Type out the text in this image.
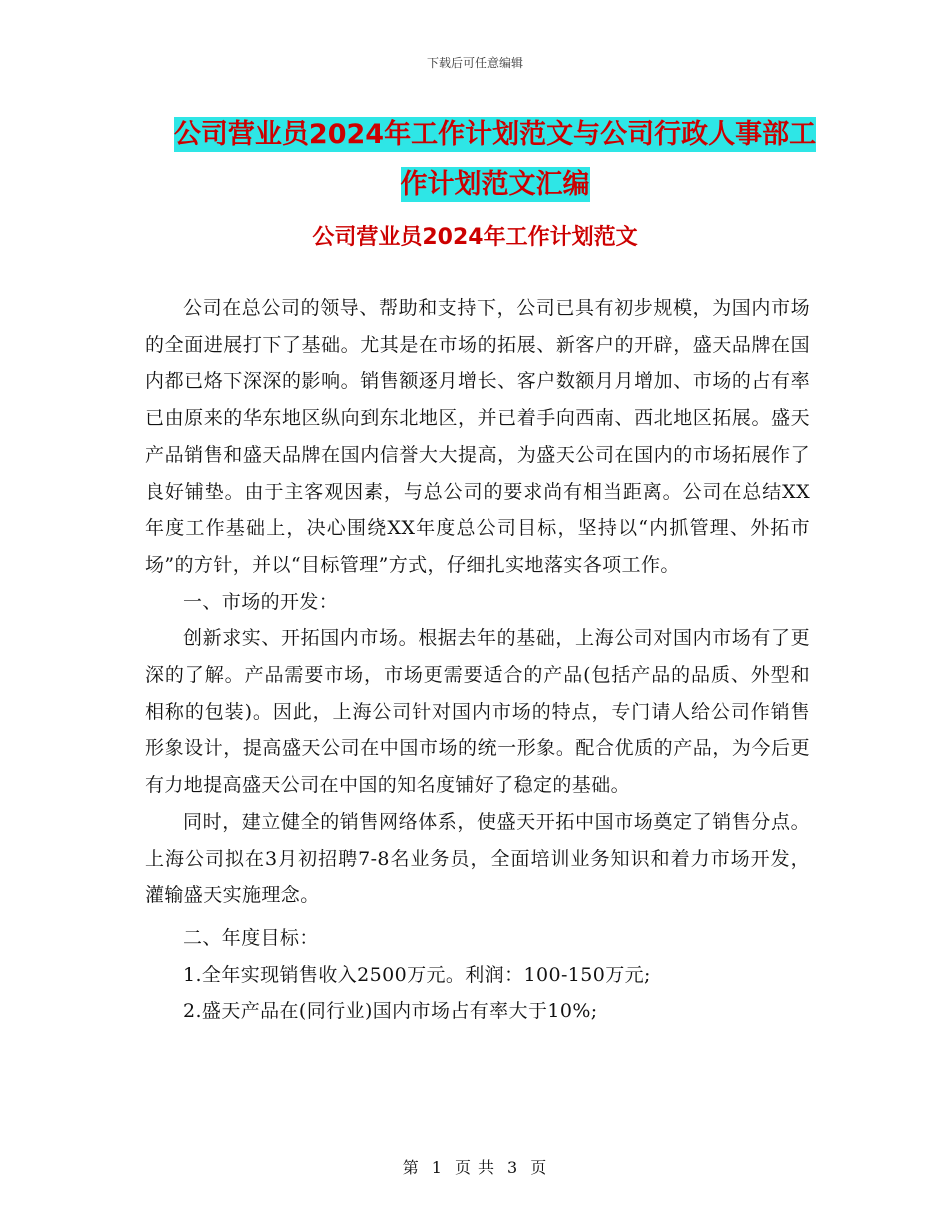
下载后可任意编辑
公司营业员2024年工作计划范文与公司行政人事部工
作计划范文汇编
公司营业员2024年工作计划范文

公司在总公司的领导、帮助和支持下，公司已具有初步规模，为国内市场的全面进展打下了基础。尤其是在市场的拓展、新客户的开辟，盛天品牌在国内都已烙下深深的影响。销售额逐月增长、客户数额月月增加、市场的占有率已由原来的华东地区纵向到东北地区，并已着手向西南、西北地区拓展。盛天产品销售和盛天品牌在国内信誉大大提高，为盛天公司在国内的市场拓展作了良好铺垫。由于主客观因素，与总公司的要求尚有相当距离。公司在总结XX年度工作基础上，决心围绕XX年度总公司目标，坚持以“内抓管理、外拓市场”的方针，并以“目标管理”方式，仔细扎实地落实各项工作。

一、市场的开发：

创新求实、开拓国内市场。根据去年的基础，上海公司对国内市场有了更深的了解。产品需要市场，市场更需要适合的产品(包括产品的品质、外型和相称的包装)。因此，上海公司针对国内市场的特点，专门请人给公司作销售形象设计，提高盛天公司在中国市场的统一形象。配合优质的产品，为今后更有力地提高盛天公司在中国的知名度铺好了稳定的基础。

同时，建立健全的销售网络体系，使盛天开拓中国市场奠定了销售分点。上海公司拟在3月初招聘7-8名业务员，全面培训业务知识和着力市场开发，灌输盛天实施理念。

二、年度目标：

1.全年实现销售收入2500万元。利润：100-150万元;

2.盛天产品在(同行业)国内市场占有率大于10%;

第 1 页 共 3 页
